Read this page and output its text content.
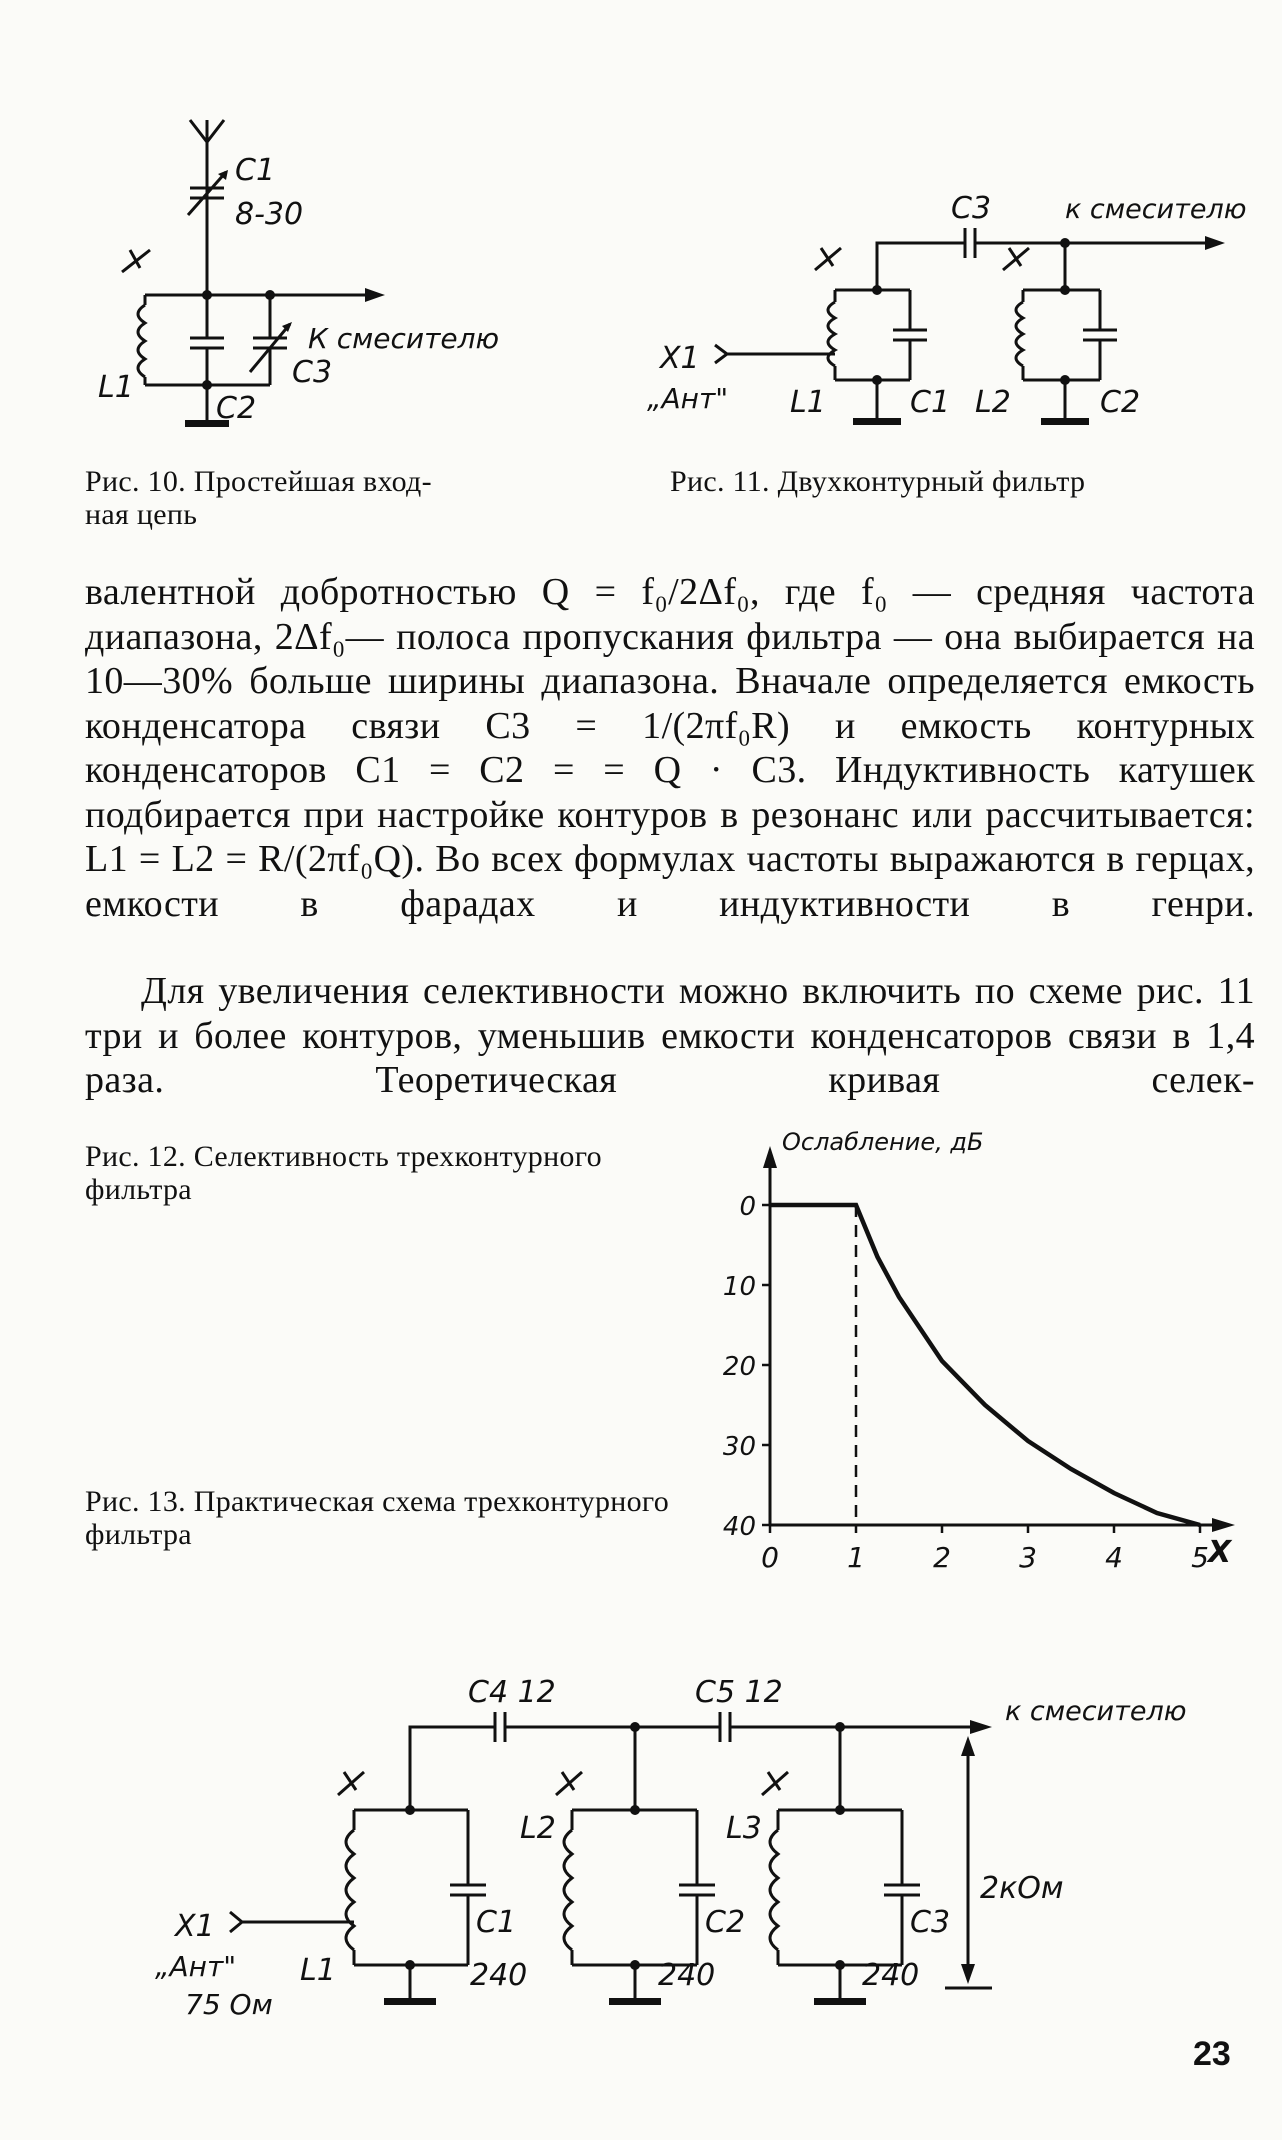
C1
8-30
К смесителю
C3
L1
C2
Рис. 10. Простейшая вход-
ная цепь
C3	к смесителю
X1
„Ант" L1	C1 L2	C2
Рис. 11. Двухконтурный фильтр

валентной добротностью Q = f₀/2Δf₀, где f₀ — средняя частота диапазона, 2Δf₀— полоса пропускания фильтра — она выбирается на 10—30% больше ширины диапазона. Вначале определяется емкость конденсатора связи C3 = 1/(2πf₀R) и емкость контурных конденсаторов C1 = C2 = = Q · C3. Индуктивность катушек подбирается при настройке контуров в резонанс или рассчитывается: L1 = L2 = R/(2πf₀Q). Во всех формулах частоты выражаются в герцах, емкости в фарадах и индуктивности в генри.

Для увеличения селективности можно включить по схеме рис. 11 три и более контуров, уменьшив емкости конденсаторов связи в 1,4 раза. Теоретическая кривая селек-

Рис. 12. Селективность трехконтурного фильтра
Рис. 13. Практическая схема трехконтурного фильтра
Ослабление, дБ
X
0
10
20
30
40
0 1 2 3 4 5
C4 12	C5 12
к смесителю
X1
„Ант"
75 Ом
L1
L2	L3
C1	C2	C3
240	240	240
2кОм
23
